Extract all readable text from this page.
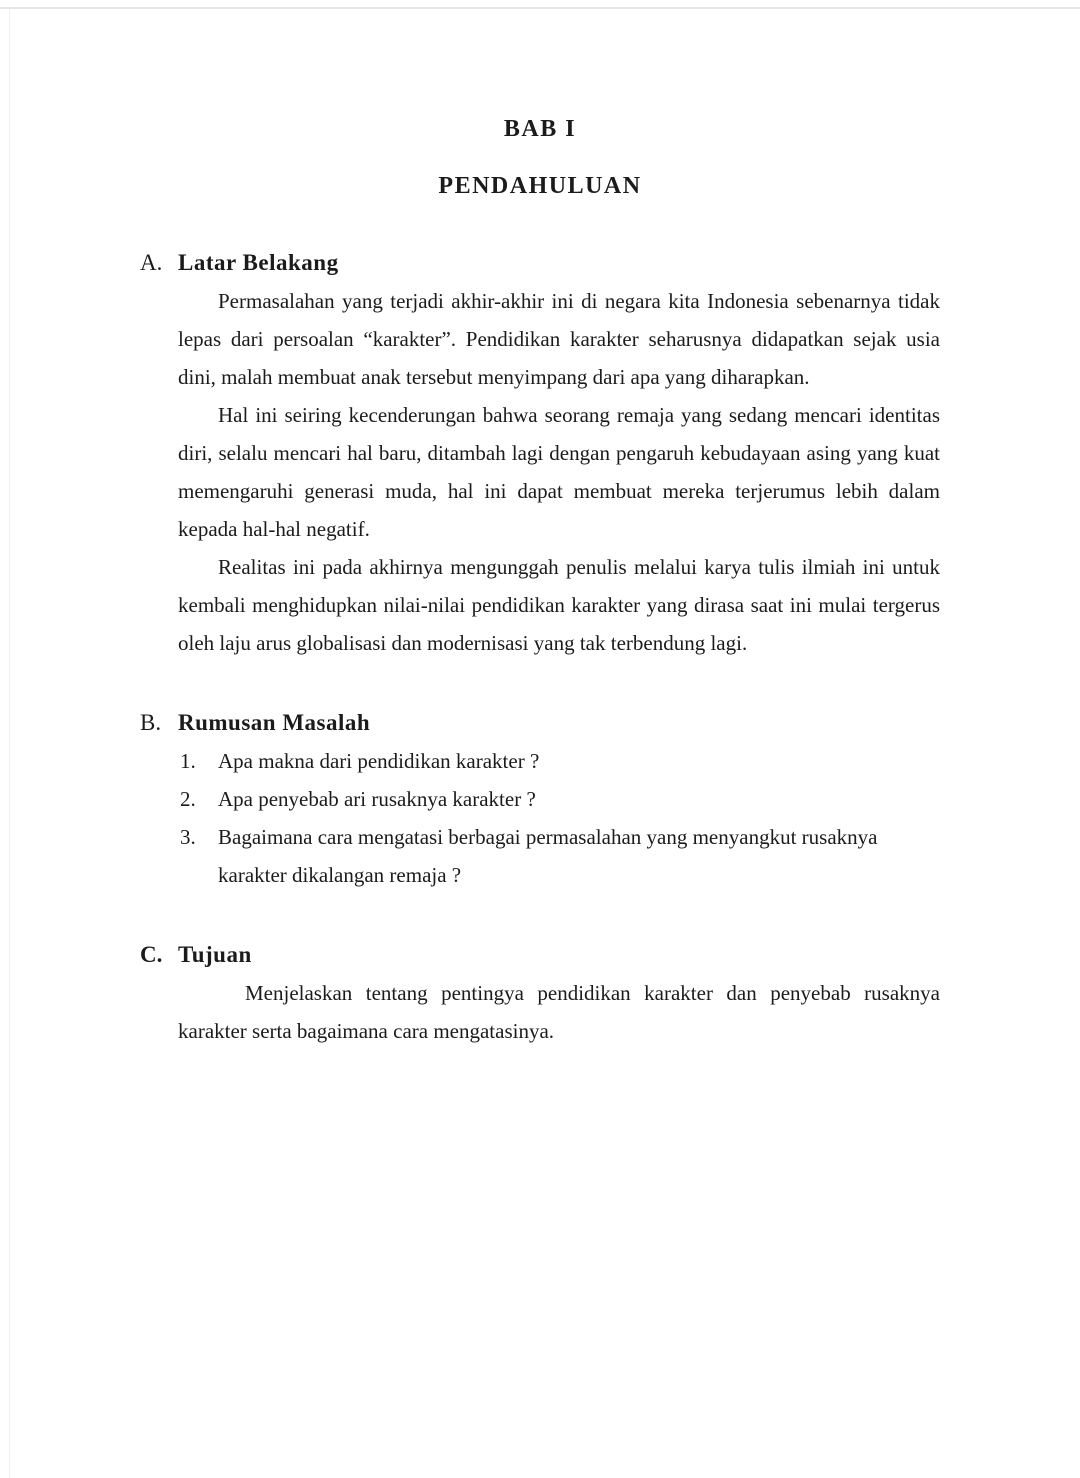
BAB I
PENDAHULUAN
A. Latar Belakang

Permasalahan yang terjadi akhir-akhir ini di negara kita Indonesia sebenarnya tidak lepas dari persoalan “karakter”. Pendidikan karakter seharusnya didapatkan sejak usia dini, malah membuat anak tersebut menyimpang dari apa yang diharapkan.

Hal ini seiring kecenderungan bahwa seorang remaja yang sedang mencari identitas diri, selalu mencari hal baru, ditambah lagi dengan pengaruh kebudayaan asing yang kuat memengaruhi generasi muda, hal ini dapat membuat mereka terjerumus lebih dalam kepada hal-hal negatif.

Realitas ini pada akhirnya mengunggah penulis melalui karya tulis ilmiah ini untuk kembali menghidupkan nilai-nilai pendidikan karakter yang dirasa saat ini mulai tergerus oleh laju arus globalisasi dan modernisasi yang tak terbendung lagi.

B. Rumusan Masalah
1.	Apa makna dari pendidikan karakter ?
2.	Apa penyebab ari rusaknya karakter ?
3.	Bagaimana cara mengatasi berbagai permasalahan yang menyangkut rusaknya karakter dikalangan remaja ?
C. Tujuan

Menjelaskan tentang pentingya pendidikan karakter dan penyebab rusaknya karakter serta bagaimana cara mengatasinya.
